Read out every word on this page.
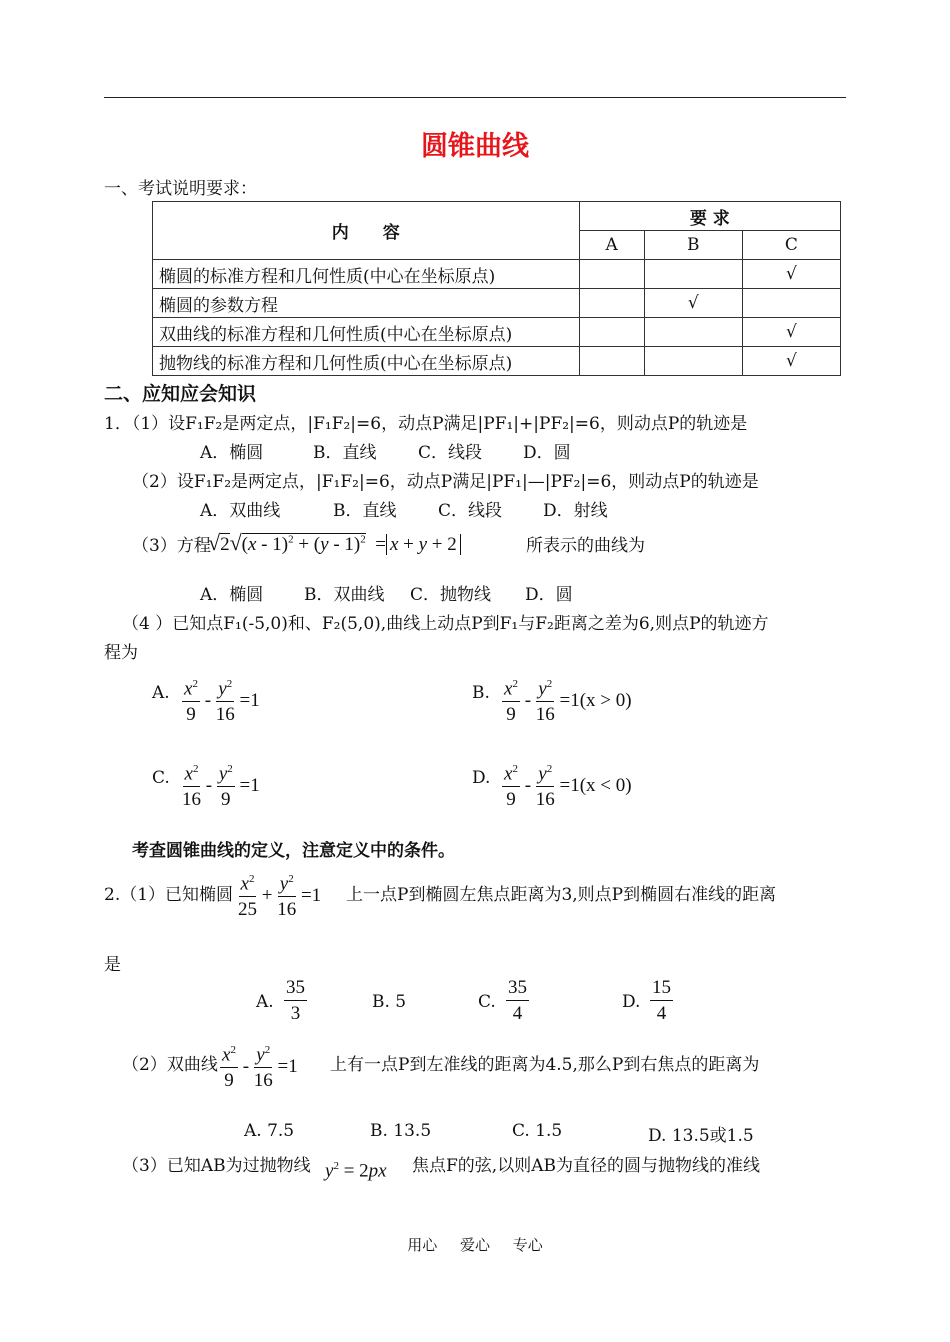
圆锥曲线
一、考试说明要求：
内　　容	要 求		
	A	B	C
椭圆的标准方程和几何性质(中心在坐标原点)			√
椭圆的参数方程		√	
双曲线的标准方程和几何性质(中心在坐标原点)			√
抛物线的标准方程和几何性质(中心在坐标原点)			√
二、应知应会知识
1．（1）设F₁F₂是两定点，|F₁F₂|=6，动点P满足|PF₁|+|PF₂|=6，则动点P的轨迹是
A．椭圆	B．直线 C．线段 D．圆
（2）设F₁F₂是两定点，|F₁F₂|=6，动点P满足|PF₁|—|PF₂|=6，则动点P的轨迹是
A．双曲线	B．直线 C．线段 D．射线
（3）方程
√2√(x - 1)$^2$ + (y - 1)$^2$  = x + y + 2	所表示的曲线为
A．椭圆 B．双曲线 C．抛物线 D．圆
（4 ）已知点F₁(-5,0)和、F₂(5,0),曲线上动点P到F₁与F₂距离之差为6,则点P的轨迹方
程为
A. $\frac{x^2}{9} - \frac{y^2}{16} =1$	B. $\frac{x^2}{9} - \frac{y^2}{16} =1(x > 0)$
C. $\frac{x^2}{16} - \frac{y^2}{9} =1$	D. $\frac{x^2}{9} - \frac{y^2}{16} =1(x < 0)$
考查圆锥曲线的定义，注意定义中的条件。
2.（1）已知椭圆 $\frac{x^2}{25} + \frac{y^2}{16} =1$ 上一点P到椭圆左焦点距离为3,则点P到椭圆右准线的距离
是
A. $\frac{35}{3}$	B. 5	C. $\frac{35}{4}$	D. $\frac{15}{4}$
（2）双曲线 $\frac{x^2}{9} - \frac{y^2}{16} =1$ 上有一点P到左准线的距离为4.5,那么P到右焦点的距离为
A. 7.5	B. 13.5	C. 1.5	D. 13.5或1.5
（3）已知AB为过抛物线 $y^2 = 2px$ 焦点F的弦,以则AB为直径的圆与抛物线的准线
用心 爱心 专心
